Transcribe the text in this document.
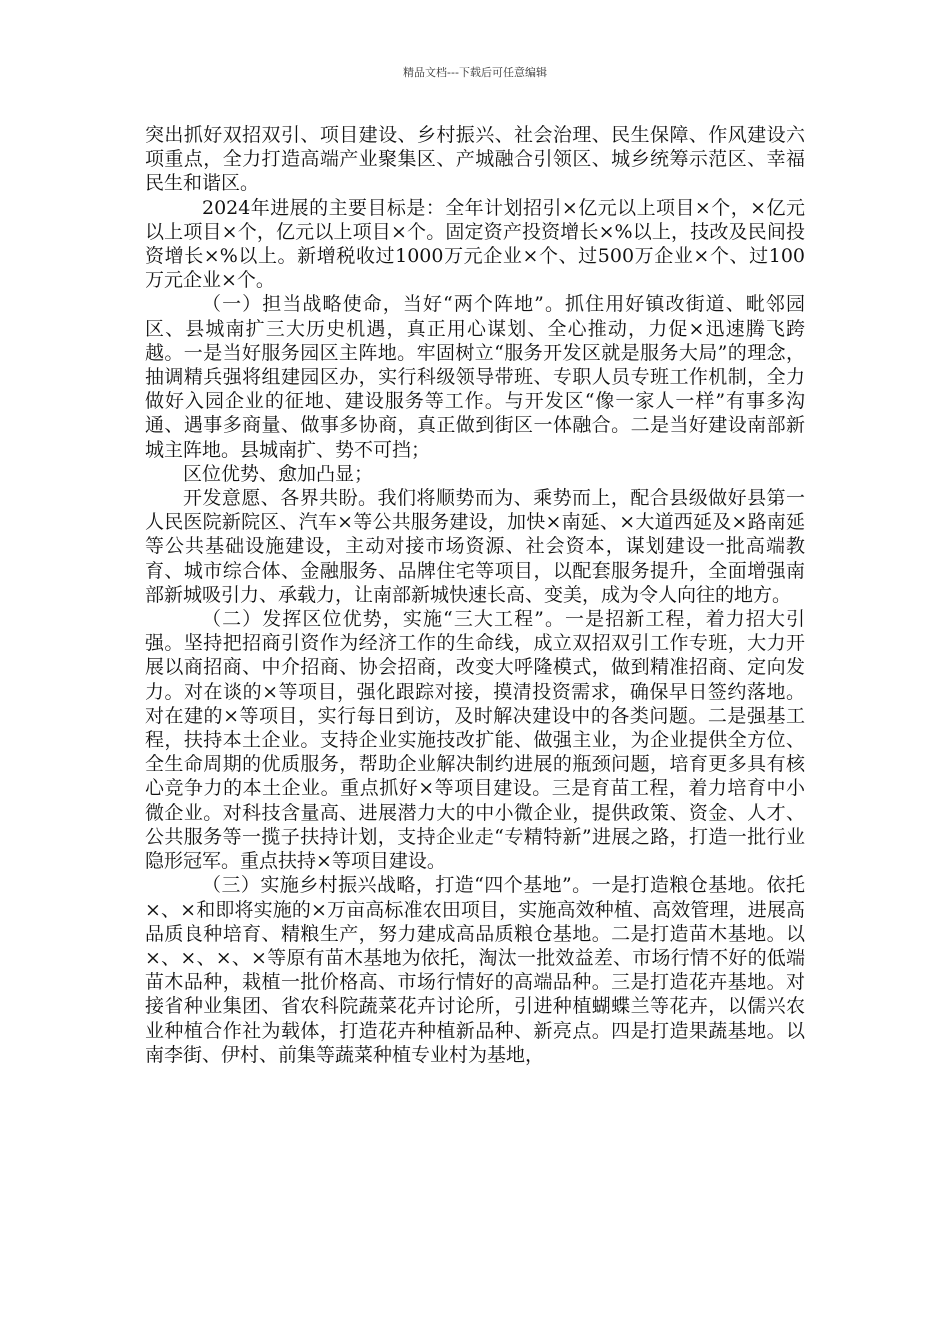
精品文档---下载后可任意编辑

突出抓好双招双引、项目建设、乡村振兴、社会治理、民生保障、作风建设六项重点，全力打造高端产业聚集区、产城融合引领区、城乡统筹示范区、幸福民生和谐区。

2024年进展的主要目标是：全年计划招引×亿元以上项目×个，×亿元以上项目×个，亿元以上项目×个。固定资产投资增长×%以上，技改及民间投资增长×%以上。新增税收过1000万元企业×个、过500万企业×个、过100万元企业×个。

（一）担当战略使命，当好“两个阵地”。抓住用好镇改街道、毗邻园区、县城南扩三大历史机遇，真正用心谋划、全心推动，力促×迅速腾飞跨越。一是当好服务园区主阵地。牢固树立“服务开发区就是服务大局”的理念，抽调精兵强将组建园区办，实行科级领导带班、专职人员专班工作机制，全力做好入园企业的征地、建设服务等工作。与开发区“像一家人一样”有事多沟通、遇事多商量、做事多协商，真正做到街区一体融合。二是当好建设南部新城主阵地。县城南扩、势不可挡；

区位优势、愈加凸显；

开发意愿、各界共盼。我们将顺势而为、乘势而上，配合县级做好县第一人民医院新院区、汽车×等公共服务建设，加快×南延、×大道西延及×路南延等公共基础设施建设，主动对接市场资源、社会资本，谋划建设一批高端教育、城市综合体、金融服务、品牌住宅等项目，以配套服务提升，全面增强南部新城吸引力、承载力，让南部新城快速长高、变美，成为令人向往的地方。

（二）发挥区位优势，实施“三大工程”。一是招新工程，着力招大引强。坚持把招商引资作为经济工作的生命线，成立双招双引工作专班，大力开展以商招商、中介招商、协会招商，改变大呼隆模式，做到精准招商、定向发力。对在谈的×等项目，强化跟踪对接，摸清投资需求，确保早日签约落地。对在建的×等项目，实行每日到访，及时解决建设中的各类问题。二是强基工程，扶持本土企业。支持企业实施技改扩能、做强主业，为企业提供全方位、全生命周期的优质服务，帮助企业解决制约进展的瓶颈问题，培育更多具有核心竞争力的本土企业。重点抓好×等项目建设。三是育苗工程，着力培育中小微企业。对科技含量高、进展潜力大的中小微企业，提供政策、资金、人才、公共服务等一揽子扶持计划，支持企业走“专精特新”进展之路，打造一批行业隐形冠军。重点扶持×等项目建设。

（三）实施乡村振兴战略，打造“四个基地”。一是打造粮仓基地。依托×、×和即将实施的×万亩高标准农田项目，实施高效种植、高效管理，进展高品质良种培育、精粮生产，努力建成高品质粮仓基地。二是打造苗木基地。以×、×、×、×等原有苗木基地为依托，淘汰一批效益差、市场行情不好的低端苗木品种，栽植一批价格高、市场行情好的高端品种。三是打造花卉基地。对接省种业集团、省农科院蔬菜花卉讨论所，引进种植蝴蝶兰等花卉，以儒兴农业种植合作社为载体，打造花卉种植新品种、新亮点。四是打造果蔬基地。以南李街、伊村、前集等蔬菜种植专业村为基地，
